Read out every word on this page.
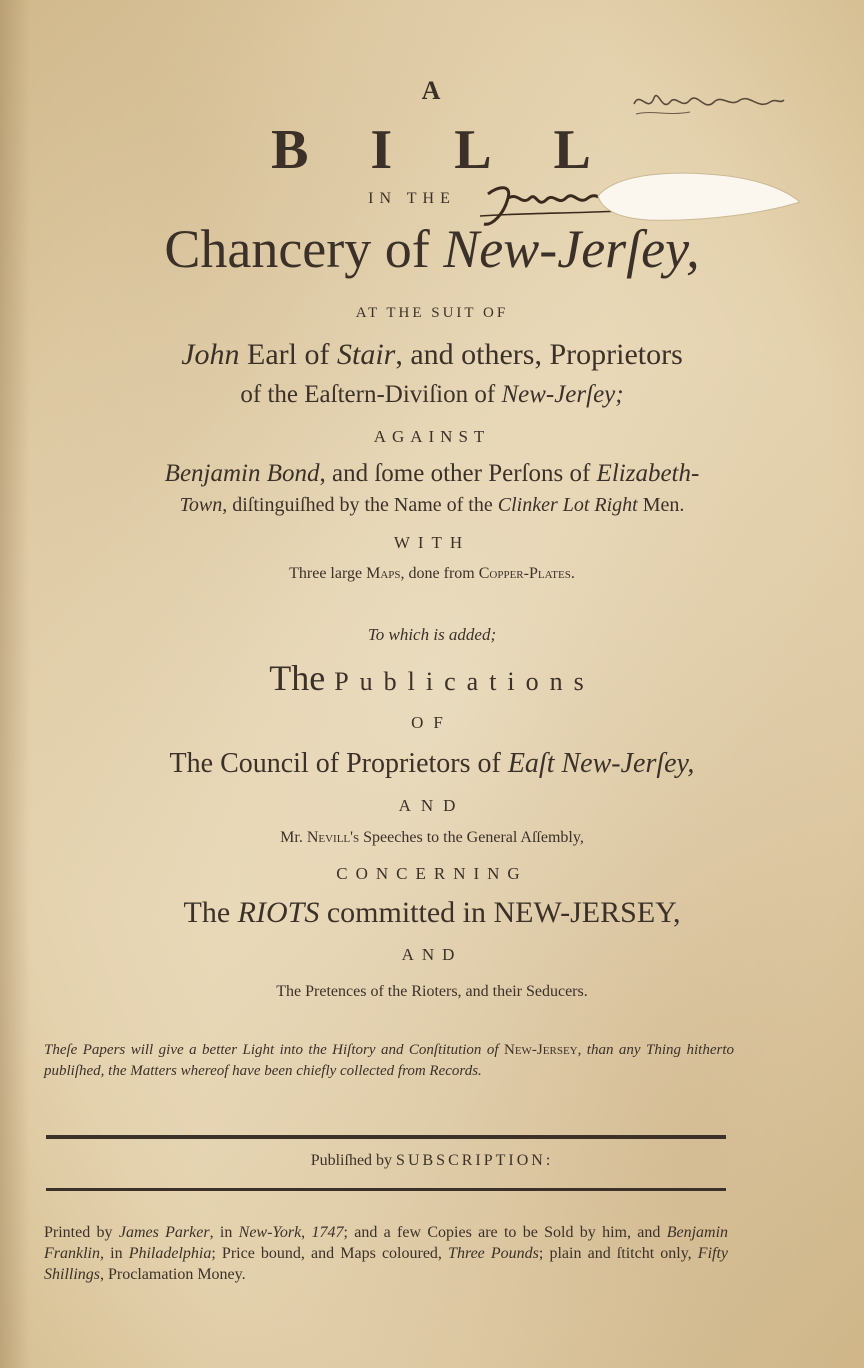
A
BILL
IN THE
Chancery of New-Jerſey,
AT THE SUIT OF
John Earl of Stair, and others, Proprietors
of the Eaſtern-Diviſion of New-Jerſey;
AGAINST
Benjamin Bond, and ſome other Perſons of Elizabeth-
Town, diſtinguiſhed by the Name of the Clinker Lot Right Men.
WITH
Three large Maps, done from Copper-Plates.
To which is added;
The Publications
OF
The Council of Proprietors of Eaſt New-Jerſey,
AND
Mr. Nevill's Speeches to the General Aſſembly,
CONCERNING
The RIOTS committed in NEW-JERSEY,
AND
The Pretences of the Rioters, and their Seducers.
Theſe Papers will give a better Light into the Hiſtory and Conſtitution of New-Jersey, than any Thing hitherto publiſhed, the Matters whereof have been chiefly collected from Records.
Publiſhed by SUBSCRIPTION:
Printed by James Parker, in New-York, 1747; and a few Copies are to be Sold by him, and Benjamin Franklin, in Philadelphia; Price bound, and Maps coloured, Three Pounds; plain and ſtitcht only, Fifty Shillings, Proclamation Money.
